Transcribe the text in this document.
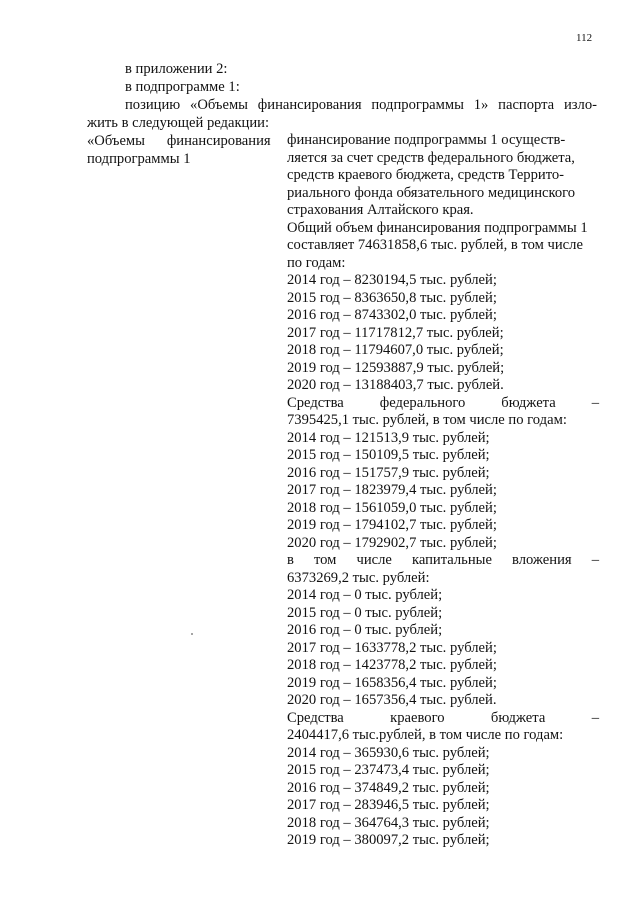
112

в приложении 2:

в подпрограмме 1:

позицию «Объемы финансирования подпрограммы 1» паспорта изло-

жить в следующей редакции:

«Объемы      финансирования
подпрограммы 1
финансирование подпрограммы 1 осуществ-
ляется за счет средств федерального бюджета,
средств краевого бюджета, средств Террито-
риального фонда обязательного медицинского
страхования Алтайского края.
Общий объем финансирования подпрограммы 1
составляет 74631858,6 тыс. рублей, в том числе
по годам:
2014 год – 8230194,5 тыс. рублей;
2015 год – 8363650,8 тыс. рублей;
2016 год – 8743302,0 тыс. рублей;
2017 год – 11717812,7 тыс. рублей;
2018 год – 11794607,0 тыс. рублей;
2019 год – 12593887,9 тыс. рублей;
2020 год – 13188403,7 тыс. рублей.
Средства федерального бюджета –
7395425,1 тыс. рублей, в том числе по годам:
2014 год – 121513,9 тыс. рублей;
2015 год – 150109,5 тыс. рублей;
2016 год – 151757,9 тыс. рублей;
2017 год – 1823979,4 тыс. рублей;
2018 год – 1561059,0 тыс. рублей;
2019 год – 1794102,7 тыс. рублей;
2020 год – 1792902,7 тыс. рублей;
в том числе капитальные вложения –
6373269,2 тыс. рублей:
2014 год – 0 тыс. рублей;
2015 год – 0 тыс. рублей;
2016 год – 0 тыс. рублей;
2017 год – 1633778,2 тыс. рублей;
2018 год – 1423778,2 тыс. рублей;
2019 год – 1658356,4 тыс. рублей;
2020 год – 1657356,4 тыс. рублей.
Средства краевого бюджета –
2404417,6 тыс.рублей, в том числе по годам:
2014 год – 365930,6 тыс. рублей;
2015 год – 237473,4 тыс. рублей;
2016 год – 374849,2 тыс. рублей;
2017 год – 283946,5 тыс. рублей;
2018 год – 364764,3 тыс. рублей;
2019 год – 380097,2 тыс. рублей;
